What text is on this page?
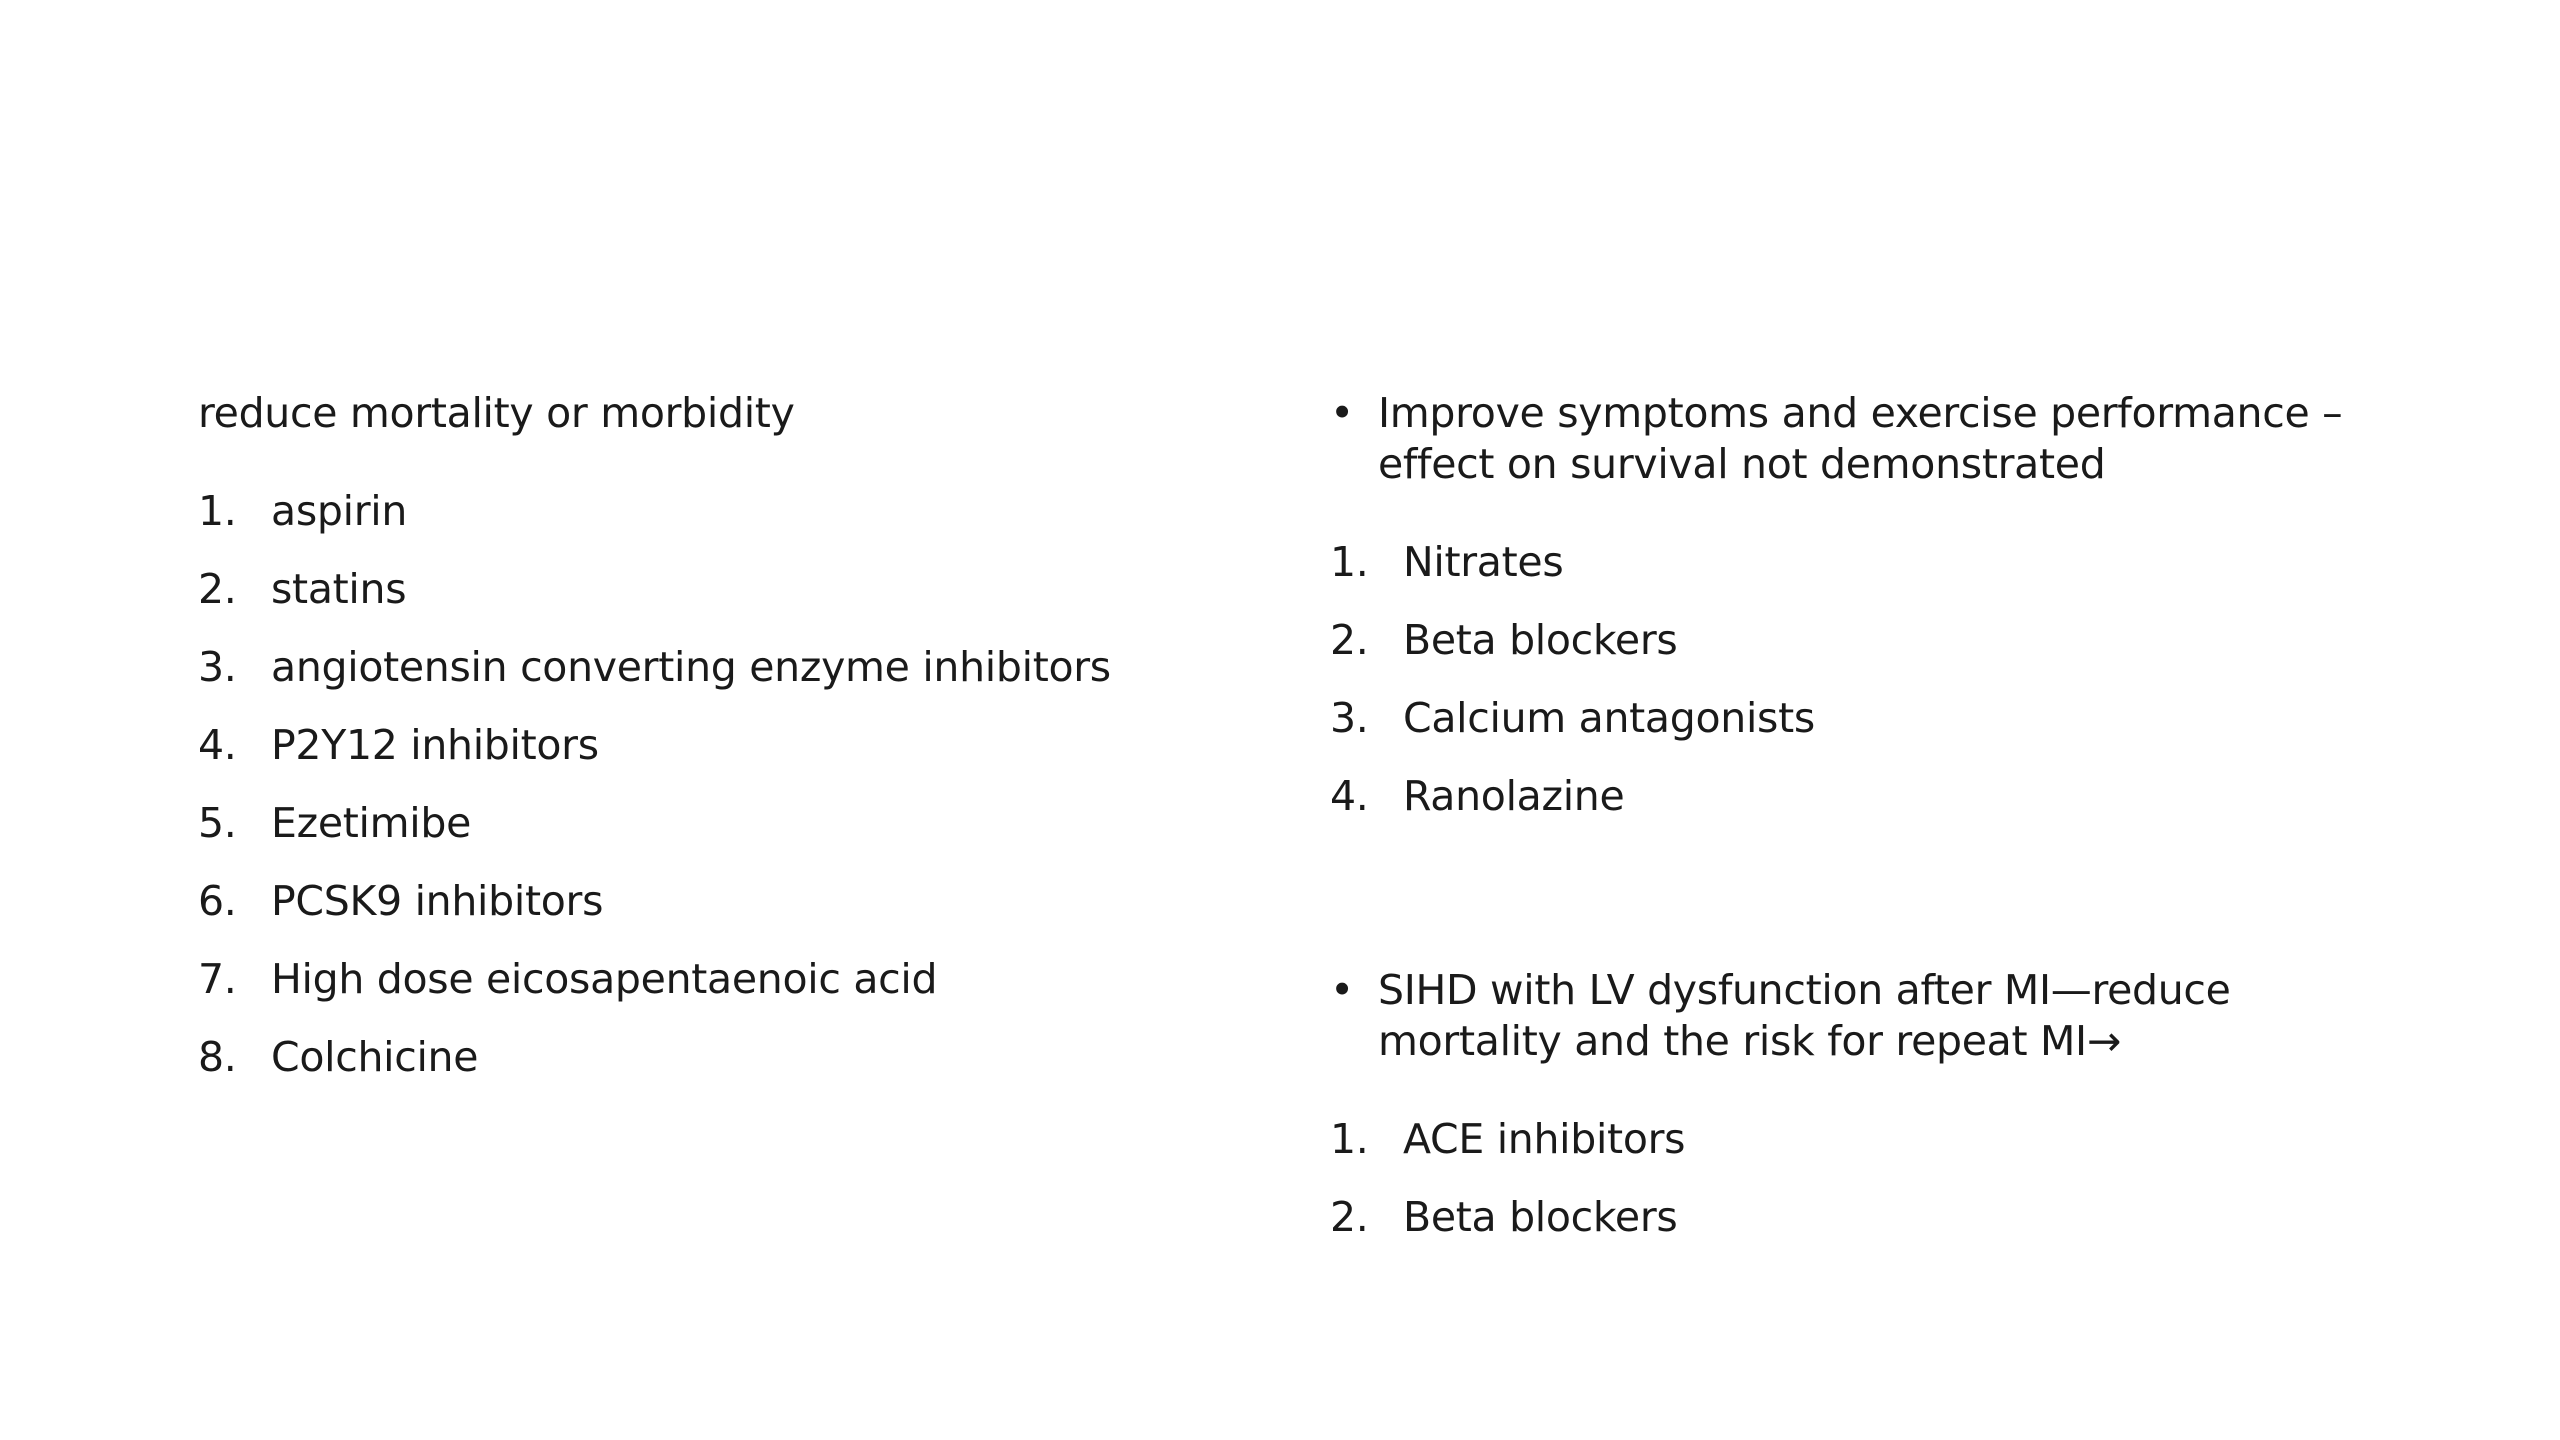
reduce mortality or morbidity
1. aspirin
2. statins
3. angiotensin converting enzyme inhibitors
4. P2Y12 inhibitors
5. Ezetimibe
6. PCSK9 inhibitors
7. High dose eicosapentaenoic acid
8. Colchicine
• Improve symptoms and exercise performance –
effect on survival not demonstrated
1. Nitrates
2. Beta blockers
3. Calcium antagonists
4. Ranolazine
• SIHD with LV dysfunction after MI—reduce
mortality and the risk for repeat MI→
1. ACE inhibitors
2. Beta blockers
